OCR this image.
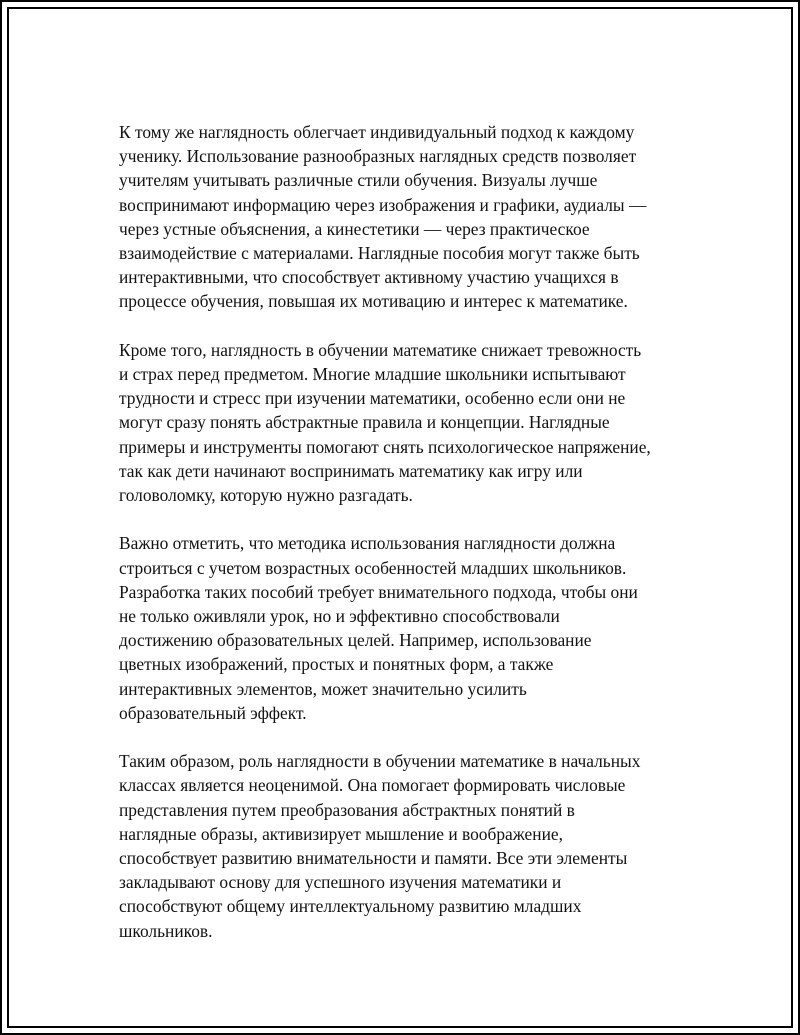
К тому же наглядность облегчает индивидуальный подход к каждому
ученику. Использование разнообразных наглядных средств позволяет
учителям учитывать различные стили обучения. Визуалы лучше
воспринимают информацию через изображения и графики, аудиалы —
через устные объяснения, а кинестетики — через практическое
взаимодействие с материалами. Наглядные пособия могут также быть
интерактивными, что способствует активному участию учащихся в
процессе обучения, повышая их мотивацию и интерес к математике.

Кроме того, наглядность в обучении математике снижает тревожность
и страх перед предметом. Многие младшие школьники испытывают
трудности и стресс при изучении математики, особенно если они не
могут сразу понять абстрактные правила и концепции. Наглядные
примеры и инструменты помогают снять психологическое напряжение,
так как дети начинают воспринимать математику как игру или
головоломку, которую нужно разгадать.

Важно отметить, что методика использования наглядности должна
строиться с учетом возрастных особенностей младших школьников.
Разработка таких пособий требует внимательного подхода, чтобы они
не только оживляли урок, но и эффективно способствовали
достижению образовательных целей. Например, использование
цветных изображений, простых и понятных форм, а также
интерактивных элементов, может значительно усилить
образовательный эффект.

Таким образом, роль наглядности в обучении математике в начальных
классах является неоценимой. Она помогает формировать числовые
представления путем преобразования абстрактных понятий в
наглядные образы, активизирует мышление и воображение,
способствует развитию внимательности и памяти. Все эти элементы
закладывают основу для успешного изучения математики и
способствуют общему интеллектуальному развитию младших
школьников.
